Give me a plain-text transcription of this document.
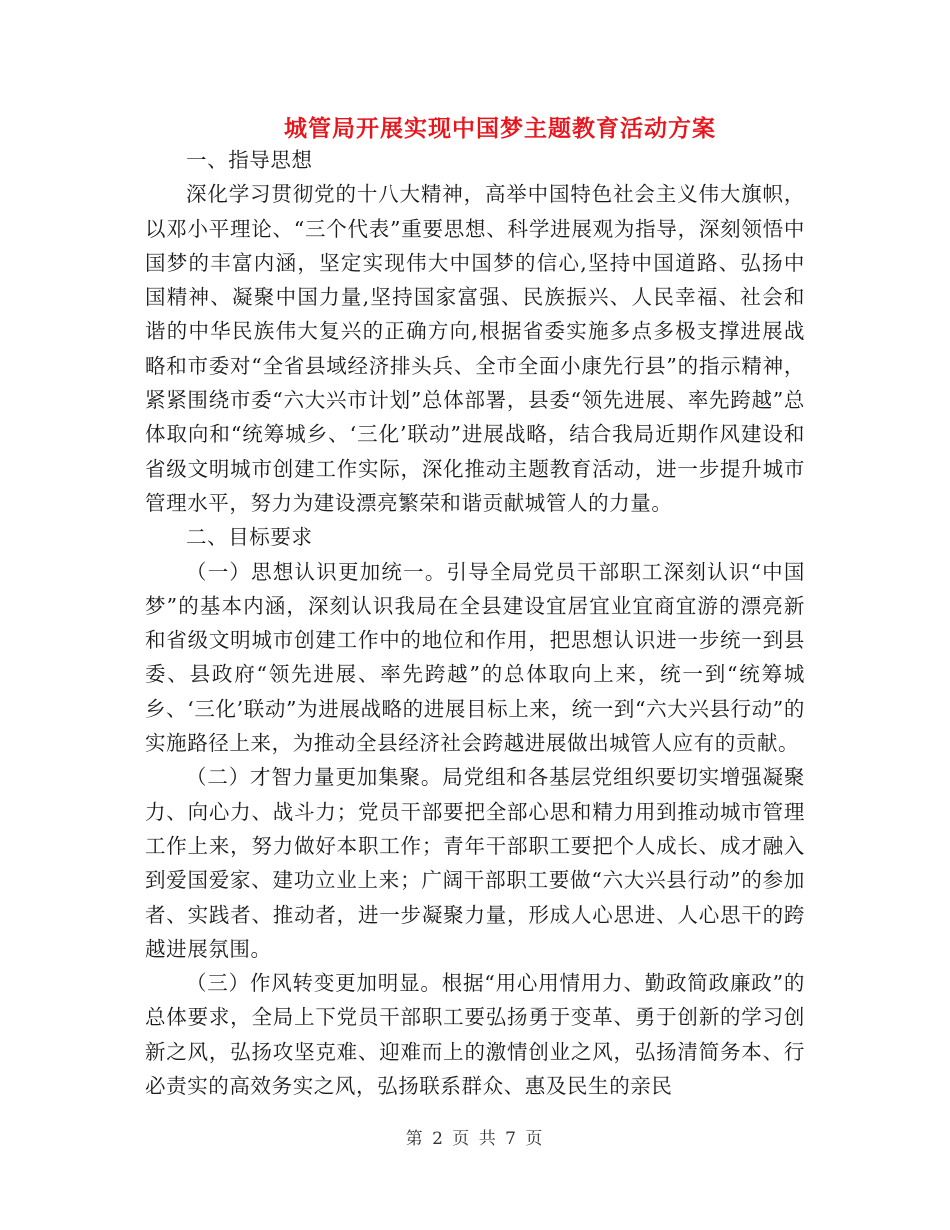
城管局开展实现中国梦主题教育活动方案

一、指导思想

深化学习贯彻党的十八大精神，高举中国特色社会主义伟大旗帜，以邓小平理论、“三个代表”重要思想、科学进展观为指导，深刻领悟中国梦的丰富内涵，坚定实现伟大中国梦的信心,坚持中国道路、弘扬中国精神、凝聚中国力量,坚持国家富强、民族振兴、人民幸福、社会和谐的中华民族伟大复兴的正确方向,根据省委实施多点多极支撑进展战略和市委对“全省县域经济排头兵、全市全面小康先行县”的指示精神，紧紧围绕市委“六大兴市计划”总体部署，县委“领先进展、率先跨越”总体取向和“统筹城乡、‘三化’联动”进展战略，结合我局近期作风建设和省级文明城市创建工作实际，深化推动主题教育活动，进一步提升城市管理水平，努力为建设漂亮繁荣和谐贡献城管人的力量。

二、目标要求

（一）思想认识更加统一。引导全局党员干部职工深刻认识“中国梦”的基本内涵，深刻认识我局在全县建设宜居宜业宜商宜游的漂亮新和省级文明城市创建工作中的地位和作用，把思想认识进一步统一到县委、县政府“领先进展、率先跨越”的总体取向上来，统一到“统筹城乡、‘三化’联动”为进展战略的进展目标上来，统一到“六大兴县行动”的实施路径上来，为推动全县经济社会跨越进展做出城管人应有的贡献。

（二）才智力量更加集聚。局党组和各基层党组织要切实增强凝聚力、向心力、战斗力；党员干部要把全部心思和精力用到推动城市管理工作上来，努力做好本职工作；青年干部职工要把个人成长、成才融入到爱国爱家、建功立业上来；广阔干部职工要做“六大兴县行动”的参加者、实践者、推动者，进一步凝聚力量，形成人心思进、人心思干的跨越进展氛围。

（三）作风转变更加明显。根据“用心用情用力、勤政简政廉政”的总体要求，全局上下党员干部职工要弘扬勇于变革、勇于创新的学习创新之风，弘扬攻坚克难、迎难而上的激情创业之风，弘扬清简务本、行必责实的高效务实之风，弘扬联系群众、惠及民生的亲民

第 2 页 共 7 页
